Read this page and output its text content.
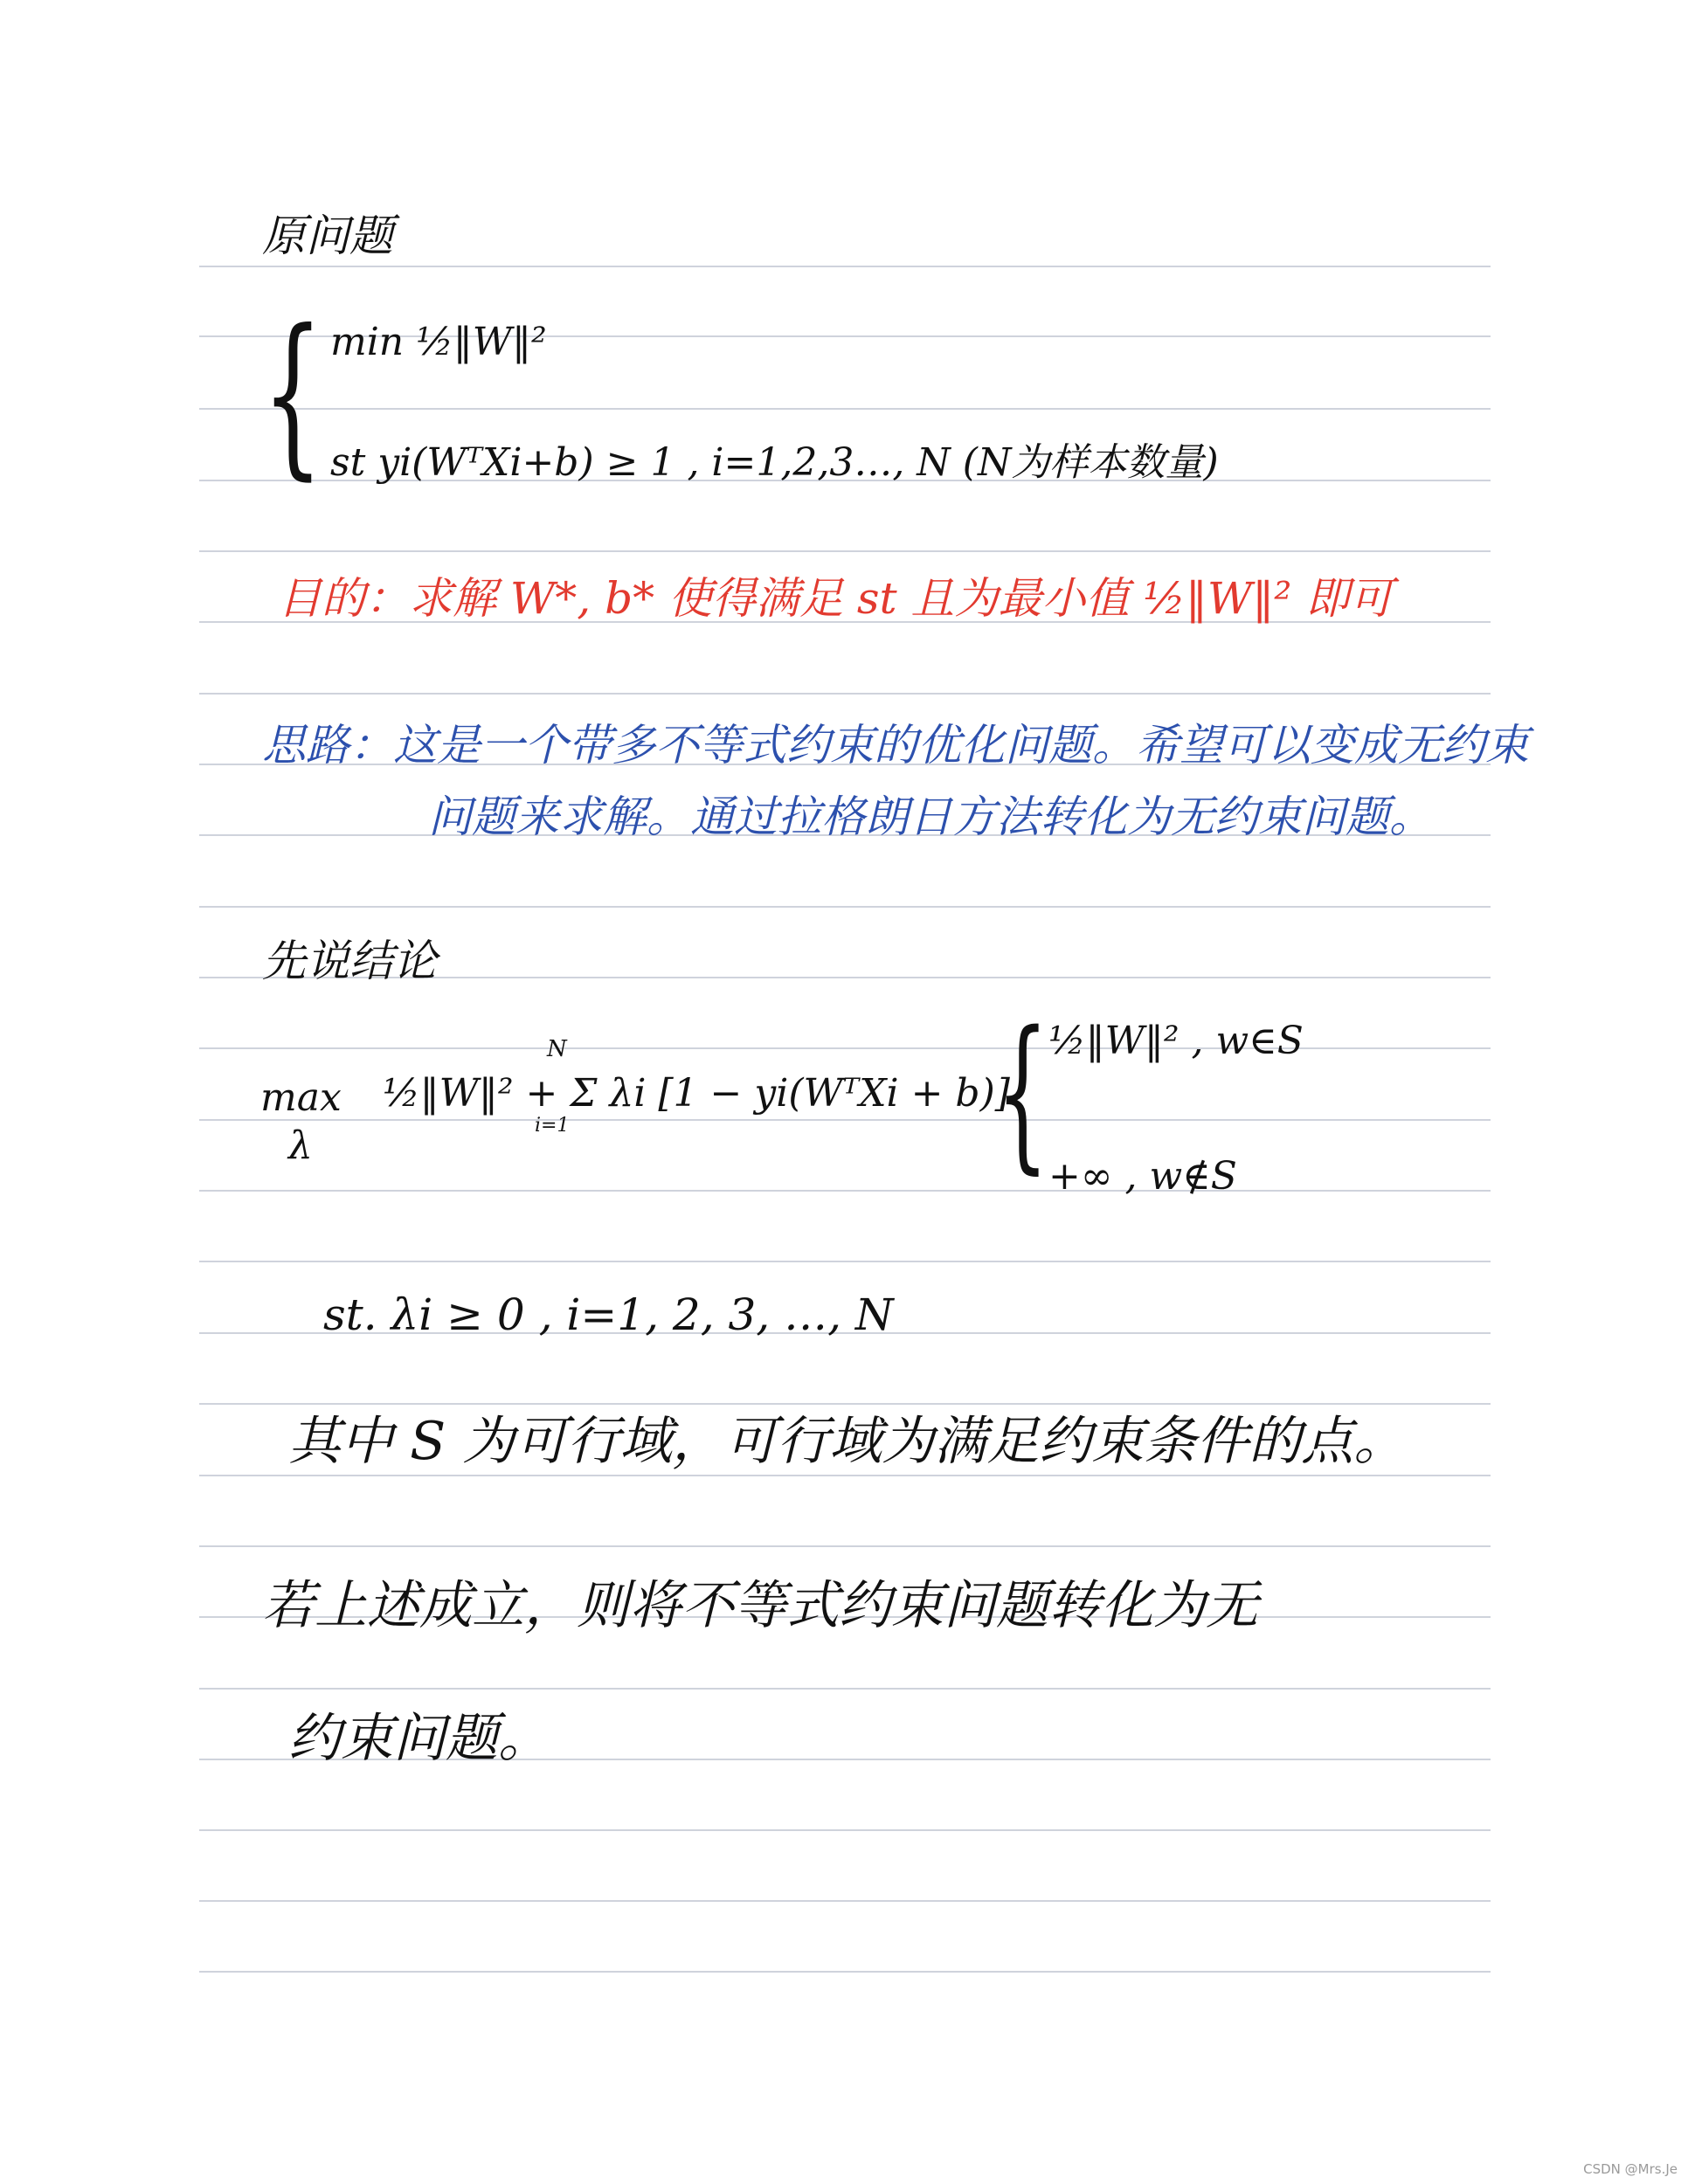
原问题
{ min ½‖W‖²
st yi(WᵀXi+b) ≥ 1 , i=1,2,3…, N (N为样本数量)
目的：求解 W*, b* 使得满足 st 且为最小值 ½‖W‖² 即可
思路：这是一个带多不等式约束的优化问题。希望可以变成无约束
问题来求解。通过拉格朗日方法转化为无约束问题。
先说结论
max
λ
N
i=1
½‖W‖² + Σ λi [1 − yi(WᵀXi + b)]
{ ½‖W‖² , w∈S
+∞ , w∉S
st. λi ≥ 0 , i=1, 2, 3, …, N
其中 S 为可行域，可行域为满足约束条件的点。
若上述成立，则将不等式约束问题转化为无
约束问题。
CSDN @Mrs.Je
